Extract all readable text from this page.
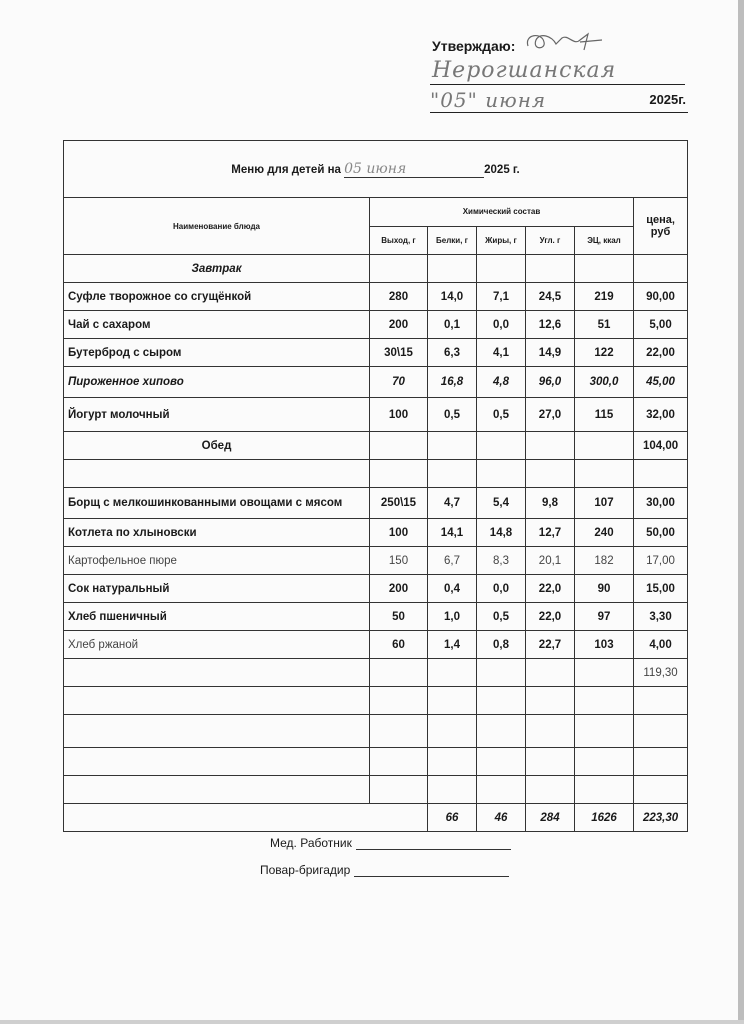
Утверждаю:
Нерогшанская
"05" июня	2025г.
Меню для детей на 05 июня 2025 г.						
Наименование блюда	Химический состав					цена, руб
	Выход, г	Белки, г	Жиры, г	Угл. г	ЭЦ, ккал	
Завтрак						
Суфле творожное со сгущёнкой	280	14,0	7,1	24,5	219	90,00
Чай с сахаром	200	0,1	0,0	12,6	51	5,00
Бутерброд с сыром	30\15	6,3	4,1	14,9	122	22,00
Пироженное хипово	70	16,8	4,8	96,0	300,0	45,00
Йогурт молочный	100	0,5	0,5	27,0	115	32,00
Обед						104,00

Борщ с мелкошинкованными овощами с мясом	250\15	4,7	5,4	9,8	107	30,00
Котлета по хлыновски	100	14,1	14,8	12,7	240	50,00
Картофельное пюре	150	6,7	8,3	20,1	182	17,00
Сок натуральный	200	0,4	0,0	22,0	90	15,00
Хлеб пшеничный	50	1,0	0,5	22,0	97	3,30
Хлеб ржаной	60	1,4	0,8	22,7	103	4,00
						119,30

		66	46	284	1626	223,30
Мед. Работник
Повар-бригадир
